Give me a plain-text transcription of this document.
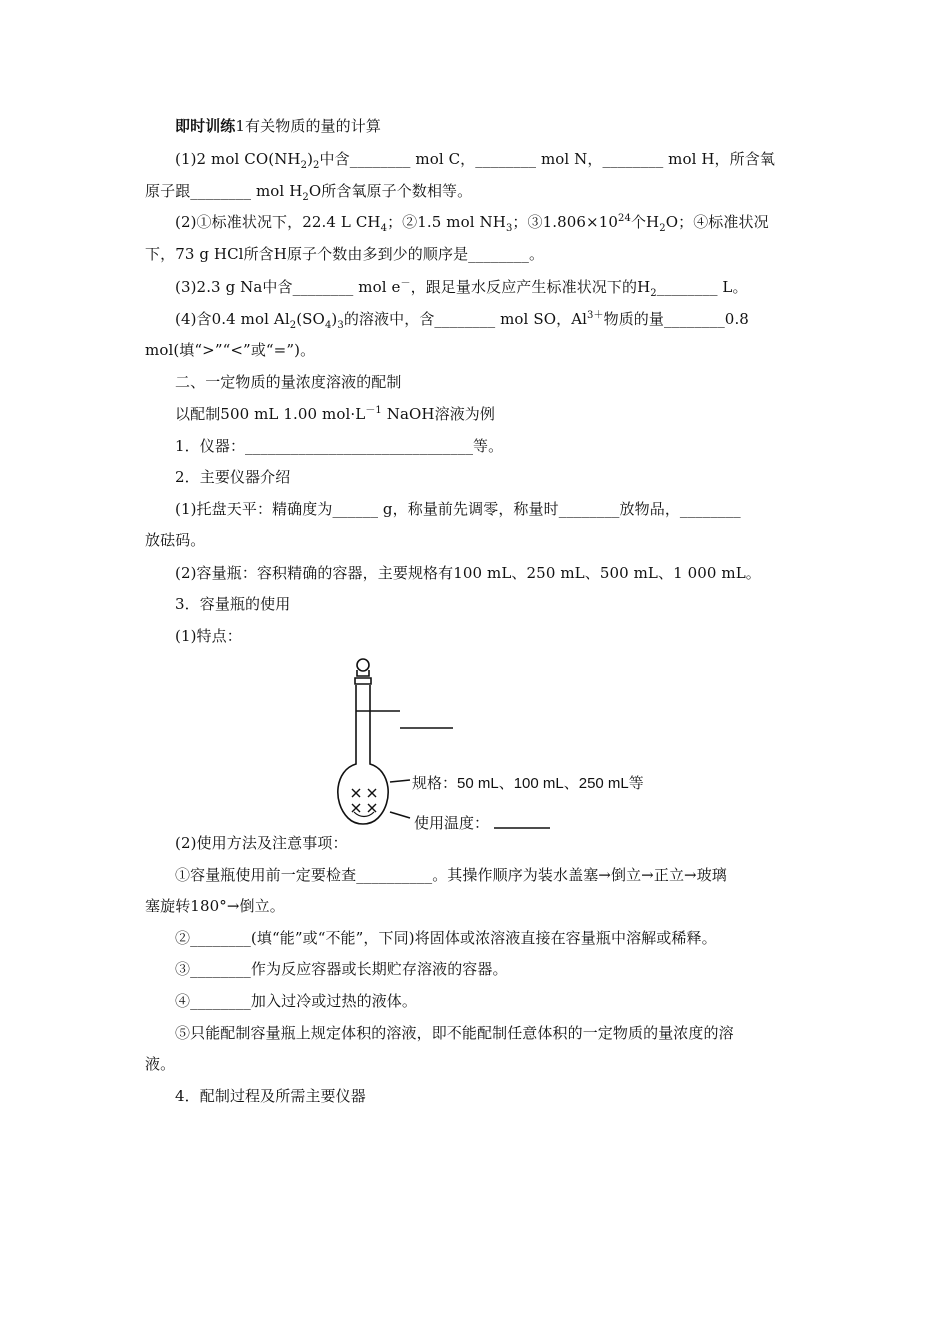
即时训练1有关物质的量的计算
(1)2 mol $CO(NH_2)_2$中含________ mol C，________ mol N，________ mol H，所含氧
原子跟________ mol $H_2O$所含氧原子个数相等。
(2)①标准状况下，22.4 L $CH_4$；②1.5 mol $NH_3$；$③1.806\times 10^{24}$个$H_2O$；④标准状况
下，73 g HCl所含H原子个数由多到少的顺序是________。
(3)2.3 g Na中含________ mol e－，跟足量水反应产生标准状况下的$H_2\_\_\_\_\_\_\_\_$ L。
(4)含0.4 mol $Al_2(SO_4)_3$的溶液中，含________ mol SO，$Al^{3+}$物质的量________0.8
mol(填“>”“<”或“=”)。
二、一定物质的量浓度溶液的配制
以配制500 mL 1.00 $mol\cdot L^{-1}$ NaOH溶液为例
1．仪器：______________________________等。
2．主要仪器介绍
(1)托盘天平：精确度为______ g，称量前先调零，称量时________放物品，________
放砝码。
(2)容量瓶：容积精确的容器，主要规格有100 mL、250 mL、500 mL、1 000 mL。
3．容量瓶的使用
(1)特点：
规格：50 mL、100 mL、250 mL等
使用温度：
(2)使用方法及注意事项：
①容量瓶使用前一定要检查__________。其操作顺序为装水盖塞→倒立→正立→玻璃
塞旋转180°→倒立。
②________(填“能”或“不能”，下同)将固体或浓溶液直接在容量瓶中溶解或稀释。
③________作为反应容器或长期贮存溶液的容器。
④________加入过冷或过热的液体。
⑤只能配制容量瓶上规定体积的溶液，即不能配制任意体积的一定物质的量浓度的溶
液。
4．配制过程及所需主要仪器
